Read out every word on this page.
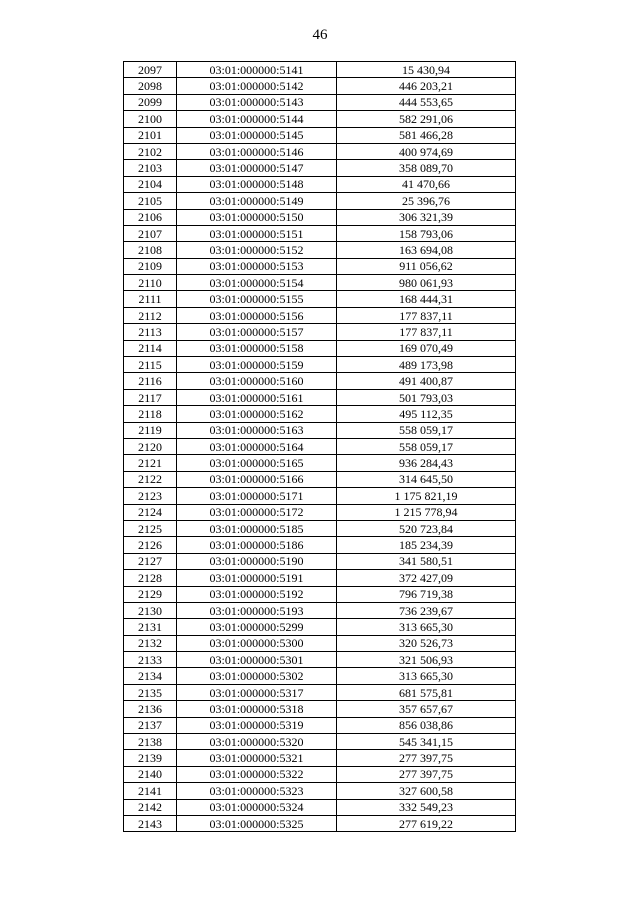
46
2097	03:01:000000:5141	15 430,94
2098	03:01:000000:5142	446 203,21
2099	03:01:000000:5143	444 553,65
2100	03:01:000000:5144	582 291,06
2101	03:01:000000:5145	581 466,28
2102	03:01:000000:5146	400 974,69
2103	03:01:000000:5147	358 089,70
2104	03:01:000000:5148	41 470,66
2105	03:01:000000:5149	25 396,76
2106	03:01:000000:5150	306 321,39
2107	03:01:000000:5151	158 793,06
2108	03:01:000000:5152	163 694,08
2109	03:01:000000:5153	911 056,62
2110	03:01:000000:5154	980 061,93
2111	03:01:000000:5155	168 444,31
2112	03:01:000000:5156	177 837,11
2113	03:01:000000:5157	177 837,11
2114	03:01:000000:5158	169 070,49
2115	03:01:000000:5159	489 173,98
2116	03:01:000000:5160	491 400,87
2117	03:01:000000:5161	501 793,03
2118	03:01:000000:5162	495 112,35
2119	03:01:000000:5163	558 059,17
2120	03:01:000000:5164	558 059,17
2121	03:01:000000:5165	936 284,43
2122	03:01:000000:5166	314 645,50
2123	03:01:000000:5171	1 175 821,19
2124	03:01:000000:5172	1 215 778,94
2125	03:01:000000:5185	520 723,84
2126	03:01:000000:5186	185 234,39
2127	03:01:000000:5190	341 580,51
2128	03:01:000000:5191	372 427,09
2129	03:01:000000:5192	796 719,38
2130	03:01:000000:5193	736 239,67
2131	03:01:000000:5299	313 665,30
2132	03:01:000000:5300	320 526,73
2133	03:01:000000:5301	321 506,93
2134	03:01:000000:5302	313 665,30
2135	03:01:000000:5317	681 575,81
2136	03:01:000000:5318	357 657,67
2137	03:01:000000:5319	856 038,86
2138	03:01:000000:5320	545 341,15
2139	03:01:000000:5321	277 397,75
2140	03:01:000000:5322	277 397,75
2141	03:01:000000:5323	327 600,58
2142	03:01:000000:5324	332 549,23
2143	03:01:000000:5325	277 619,22
